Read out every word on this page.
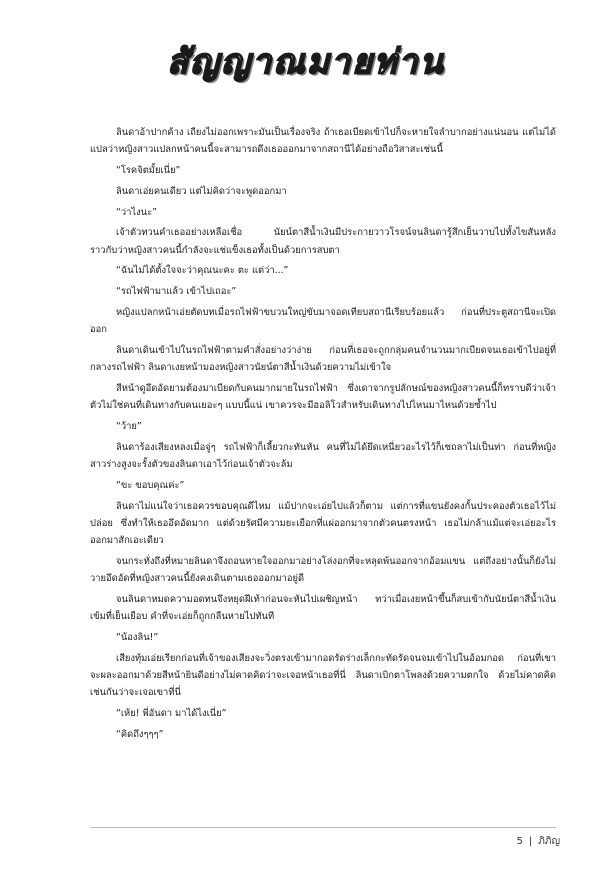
สัญญาณมายท่าน

ลินดาอ้าปากค้าง เถียงไม่ออกเพราะมันเป็นเรื่องจริง ถ้าเธอเบียดเข้าไปก็จะหายใจลำบากอย่างแน่นอน แต่ไม่ได้แปลว่าหญิงสาวแปลกหน้าคนนี้จะสามารถดึงเธอออกมาจากสถานีได้อย่างถือวิสาสะเช่นนี้

“โรคจิตมั้ยเนี่ย”

ลินดาเอ่ยคนเดียว แต่ไม่คิดว่าจะพูดออกมา

“ว่าไงนะ”

เจ้าตัวทวนคำเธออย่างเหลือเชื่อ นัยน์ตาสีน้ำเงินมีประกายวาวโรจน์จนลินดารู้สึกเย็นวาบไปทั้งไขสันหลัง ราวกับว่าหญิงสาวคนนี้กำลังจะแช่แข็งเธอทั้งเป็นด้วยการสบตา

“ฉันไม่ได้ตั้งใจจะว่าคุณนะคะ ตะ แต่ว่า...”

“รถไฟฟ้ามาแล้ว เข้าไปเถอะ”

หญิงแปลกหน้าเอ่ยตัดบทเมื่อรถไฟฟ้าขบวนใหญ่ขับมาจอดเทียบสถานีเรียบร้อยแล้ว ก่อนที่ประตูสถานีจะเปิดออก

ลินดาเดินเข้าไปในรถไฟฟ้าตามคำสั่งอย่างว่าง่าย ก่อนที่เธอจะถูกกลุ่มคนจำนวนมากเบียดจนเธอเข้าไปอยู่ที่กลางรถไฟฟ้า ลินดาเงยหน้ามองหญิงสาวนัยน์ตาสีน้ำเงินด้วยความไม่เข้าใจ

สีหน้าดูอึดอัดยามต้องมาเบียดกับคนมากมายในรถไฟฟ้า ซึ่งเดาจากรูปลักษณ์ของหญิงสาวคนนี้ก็ทราบดีว่าเจ้าตัวไม่ใช่คนที่เดินทางกับคนเยอะๆ แบบนี้แน่ เขาควรจะมีฮอลิโวสำหรับเดินทางไปไหนมาไหนด้วยซ้ำไป

“ว้าย”

ลินดาร้องเสียงหลงเมื่อจู่ๆ รถไฟฟ้าก็เลี้ยวกะทันหัน คนที่ไม่ได้ยึดเหนี่ยวอะไรไว้ก็เซถลาไม่เป็นท่า ก่อนที่หญิงสาวร่างสูงจะรั้งตัวของลินดาเอาไว้ก่อนเจ้าตัวจะล้ม

“ขะ ขอบคุณค่ะ”

ลินดาไม่แน่ใจว่าเธอควรขอบคุณดีไหม แม้ปากจะเอ่ยไปแล้วก็ตาม แต่การที่แขนยังคงกั้นประคองตัวเธอไว้ไม่ปล่อย ซึ่งทำให้เธออึดอัดมาก แต่ด้วยรัศมีความยะเยือกที่แผ่ออกมาจากตัวคนตรงหน้า เธอไม่กล้าแม้แต่จะเอ่ยอะไรออกมาสักเอะเดียว

จนกระทั่งถึงที่หมายลินดาจึงถอนหายใจออกมาอย่างโล่งอกที่จะหลุดพ้นออกจากอ้อมแขน แต่ถึงอย่างนั้นก็ยังไม่วายอึดอัดที่หญิงสาวคนนี้ยังคงเดินตามเธอออกมาอยู่ดี

จนลินดาหมดความอดทนจึงหยุดฝีเท้าก่อนจะหันไปเผชิญหน้า ทว่าเมื่อเงยหน้าขึ้นก็สบเข้ากับนัยน์ตาสีน้ำเงินเข้มที่เย็นเยือบ คำที่จะเอ่ยก็ถูกกลืนหายไปทันที

“น้องลิน!”

เสียงทุ้มเอ่ยเรียกก่อนที่เจ้าของเสียงจะวิ่งตรงเข้ามากอดรัดร่างเล็กกะทัดรัดจนจมเข้าไปในอ้อมกอด ก่อนที่เขาจะผละออกมาด้วยสีหน้ายินดีอย่างไม่คาดคิดว่าจะเจอหน้าเธอที่นี่ ลินดาเบิกตาโพลงด้วยความตกใจ ด้วยไม่คาดคิดเช่นกันว่าจะเจอเขาที่นี่

“เห้ย! พี่อันดา มาได้ไงเนี่ย”

“คิดถึงๆๆๆ”

5 | ภิภิญ
